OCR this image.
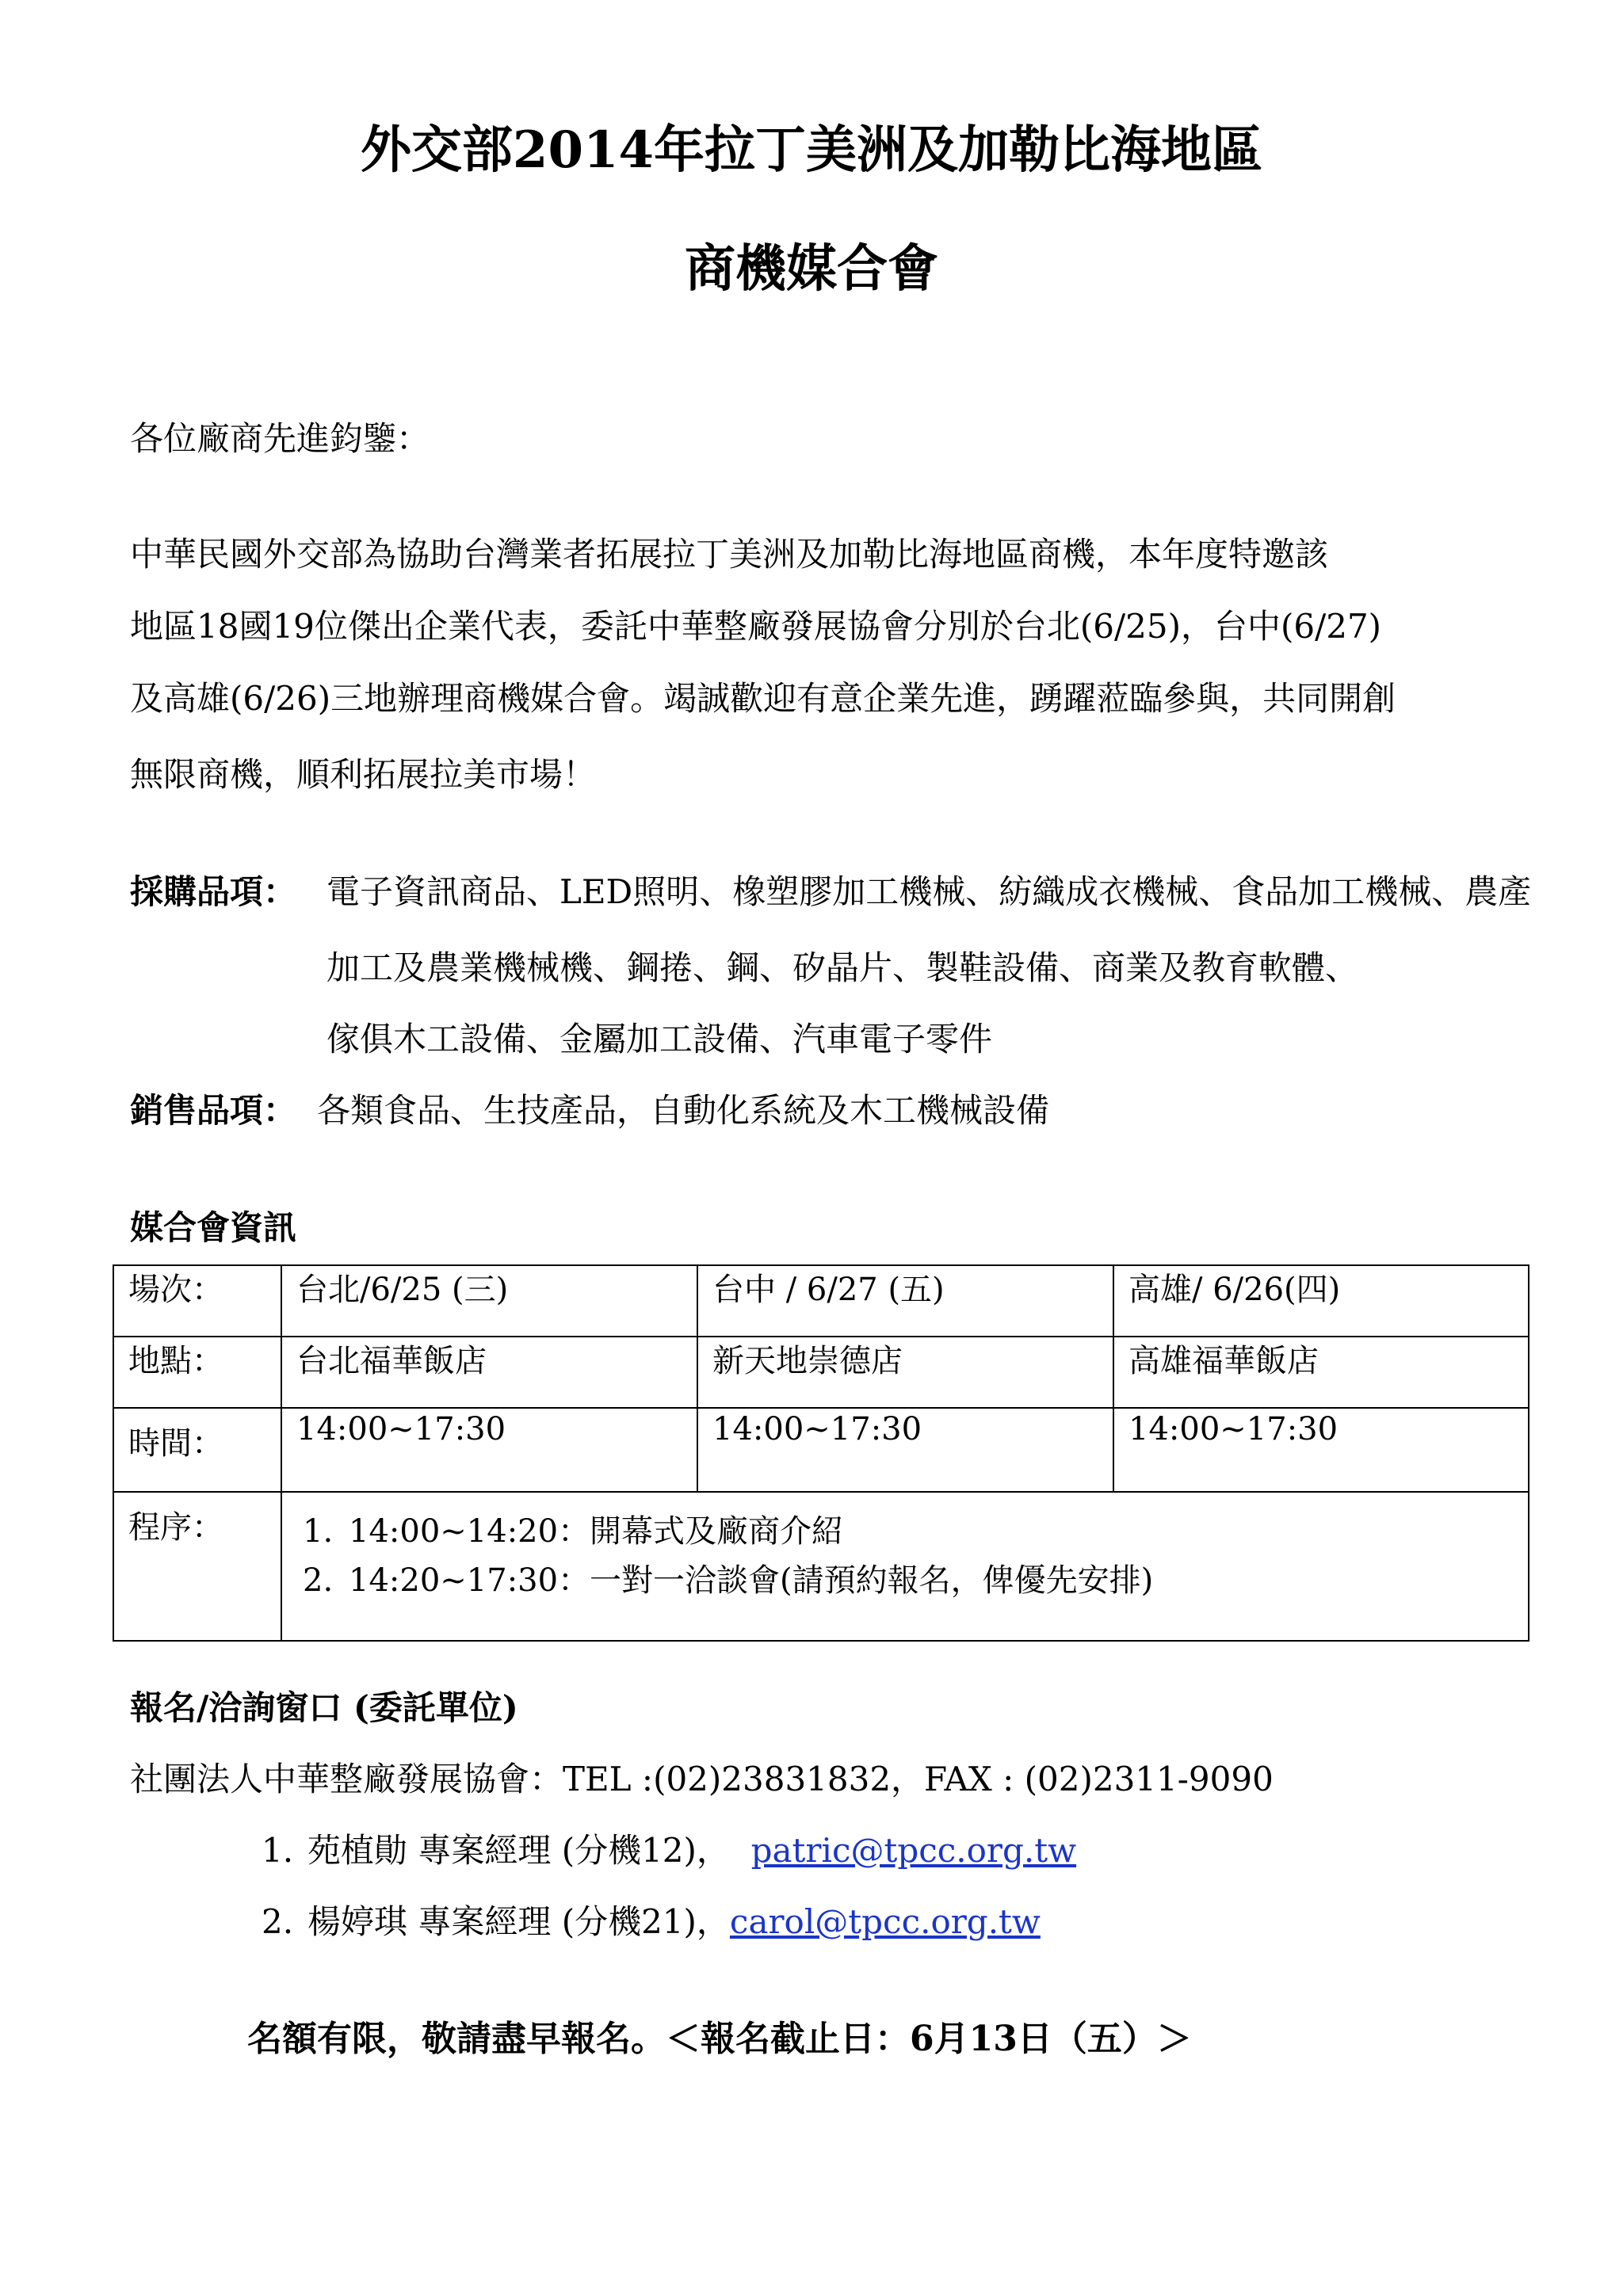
外交部2014年拉丁美洲及加勒比海地區
商機媒合會
各位廠商先進鈞鑒：
中華民國外交部為協助台灣業者拓展拉丁美洲及加勒比海地區商機，本年度特邀該
地區18國19位傑出企業代表，委託中華整廠發展協會分別於台北(6/25)，台中(6/27)
及高雄(6/26)三地辦理商機媒合會。竭誠歡迎有意企業先進，踴躍蒞臨參與，共同開創
無限商機，順利拓展拉美市場！
採購品項： 電子資訊商品、LED照明、橡塑膠加工機械、紡織成衣機械、食品加工機械、農產
加工及農業機械機、鋼捲、鋼、矽晶片、製鞋設備、商業及教育軟體、
傢俱木工設備、金屬加工設備、汽車電子零件
銷售品項： 各類食品、生技產品，自動化系統及木工機械設備
媒合會資訊
場次：	台北/6/25 (三)	台中 / 6/27 (五)	高雄/ 6/26(四)
地點：	台北福華飯店	新天地崇德店	高雄福華飯店
時間：	14:00~17:30	14:00~17:30	14:00~17:30
程序：	1. 14:00~14:20：開幕式及廠商介紹
2. 14:20~17:30：一對一洽談會(請預約報名，俾優先安排)		
報名/洽詢窗口 (委託單位)
社團法人中華整廠發展協會：TEL :(02)23831832，FAX : (02)2311-9090
1. 苑植勛 專案經理 (分機12)， patric@tpcc.org.tw
2. 楊婷琪 專案經理 (分機21)，carol@tpcc.org.tw
名額有限，敬請盡早報名。＜報名截止日：6月13日（五）＞
